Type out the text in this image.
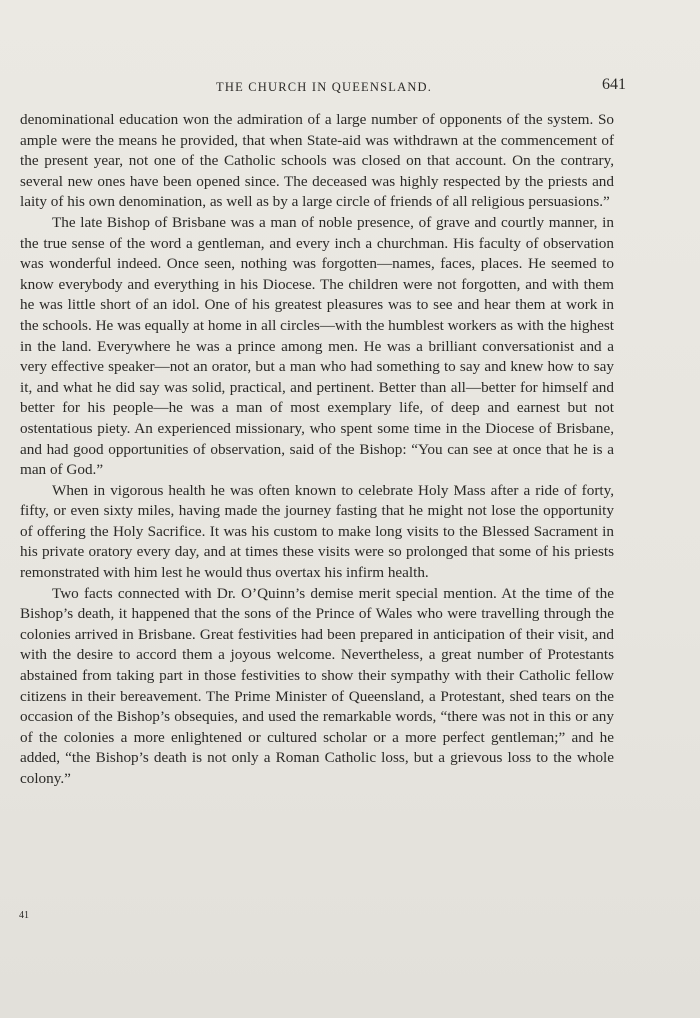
THE CHURCH IN QUEENSLAND.	641

denominational education won the admiration of a large number of opponents of the system. So ample were the means he provided, that when State-aid was withdrawn at the commencement of the present year, not one of the Catholic schools was closed on that account. On the contrary, several new ones have been opened since. The deceased was highly respected by the priests and laity of his own denomination, as well as by a large circle of friends of all religious persuasions.”

The late Bishop of Brisbane was a man of noble presence, of grave and courtly manner, in the true sense of the word a gentleman, and every inch a churchman. His faculty of observation was wonderful indeed. Once seen, nothing was forgotten—names, faces, places. He seemed to know everybody and everything in his Diocese. The children were not forgotten, and with them he was little short of an idol. One of his greatest pleasures was to see and hear them at work in the schools. He was equally at home in all circles—with the humblest workers as with the highest in the land. Everywhere he was a prince among men. He was a brilliant conversationist and a very effective speaker—not an orator, but a man who had something to say and knew how to say it, and what he did say was solid, practical, and pertinent. Better than all—better for himself and better for his people—he was a man of most exemplary life, of deep and earnest but not ostentatious piety. An experienced missionary, who spent some time in the Diocese of Brisbane, and had good opportunities of observation, said of the Bishop: “You can see at once that he is a man of God.”

When in vigorous health he was often known to celebrate Holy Mass after a ride of forty, fifty, or even sixty miles, having made the journey fasting that he might not lose the opportunity of offering the Holy Sacrifice. It was his custom to make long visits to the Blessed Sacrament in his private oratory every day, and at times these visits were so prolonged that some of his priests remonstrated with him lest he would thus overtax his infirm health.

Two facts connected with Dr. O’Quinn’s demise merit special mention. At the time of the Bishop’s death, it happened that the sons of the Prince of Wales who were travelling through the colonies arrived in Brisbane. Great festivities had been prepared in anticipation of their visit, and with the desire to accord them a joyous welcome. Nevertheless, a great number of Protestants abstained from taking part in those festivities to show their sympathy with their Catholic fellow citizens in their bereavement. The Prime Minister of Queensland, a Protestant, shed tears on the occasion of the Bishop’s obsequies, and used the remarkable words, “there was not in this or any of the colonies a more enlightened or cultured scholar or a more perfect gentleman;” and he added, “the Bishop’s death is not only a Roman Catholic loss, but a grievous loss to the whole colony.”

41
